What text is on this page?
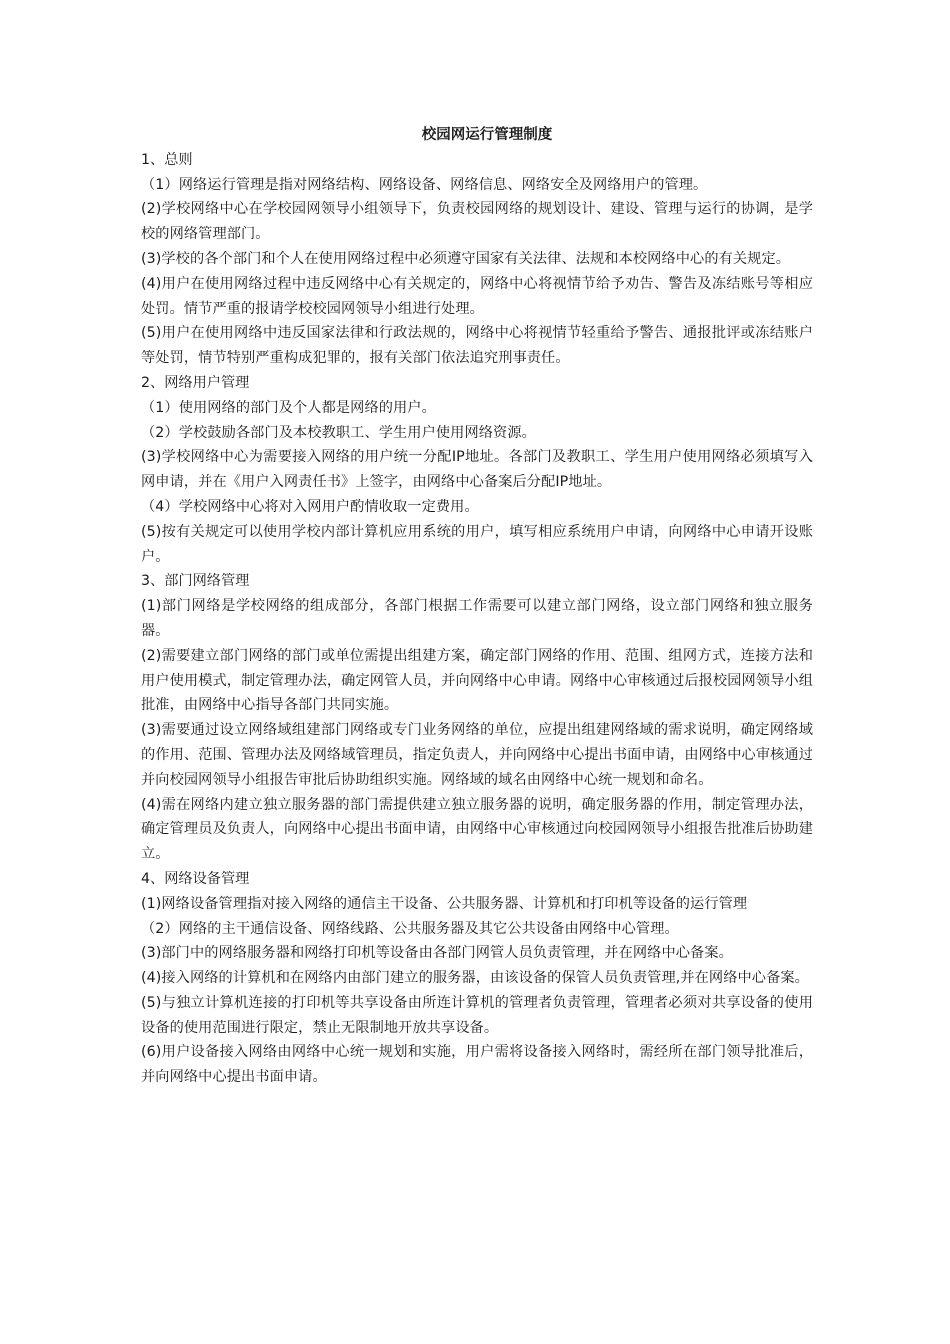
校园网运行管理制度
1、总则

（1）网络运行管理是指对网络结构、网络设备、网络信息、网络安全及网络用户的管理。

(2)学校网络中心在学校园网领导小组领导下，负责校园网络的规划设计、建设、管理与运行的协调，是学校的网络管理部门。

(3)学校的各个部门和个人在使用网络过程中必须遵守国家有关法律、法规和本校网络中心的有关规定。

(4)用户在使用网络过程中违反网络中心有关规定的，网络中心将视情节给予劝告、警告及冻结账号等相应处罚。情节严重的报请学校校园网领导小组进行处理。

(5)用户在使用网络中违反国家法律和行政法规的，网络中心将视情节轻重给予警告、通报批评或冻结账户等处罚，情节特别严重构成犯罪的，报有关部门依法追究刑事责任。

2、网络用户管理

（1）使用网络的部门及个人都是网络的用户。

（2）学校鼓励各部门及本校教职工、学生用户使用网络资源。

(3)学校网络中心为需要接入网络的用户统一分配IP地址。各部门及教职工、学生用户使用网络必须填写入网申请，并在《用户入网责任书》上签字，由网络中心备案后分配IP地址。

（4）学校网络中心将对入网用户酌情收取一定费用。

(5)按有关规定可以使用学校内部计算机应用系统的用户，填写相应系统用户申请，向网络中心申请开设账户。

3、部门网络管理

(1)部门网络是学校网络的组成部分，各部门根据工作需要可以建立部门网络，设立部门网络和独立服务器。

(2)需要建立部门网络的部门或单位需提出组建方案，确定部门网络的作用、范围、组网方式，连接方法和用户使用模式，制定管理办法，确定网管人员，并向网络中心申请。网络中心审核通过后报校园网领导小组批准，由网络中心指导各部门共同实施。

(3)需要通过设立网络域组建部门网络或专门业务网络的单位，应提出组建网络域的需求说明，确定网络域的作用、范围、管理办法及网络域管理员，指定负责人，并向网络中心提出书面申请，由网络中心审核通过并向校园网领导小组报告审批后协助组织实施。网络域的域名由网络中心统一规划和命名。

(4)需在网络内建立独立服务器的部门需提供建立独立服务器的说明，确定服务器的作用，制定管理办法，确定管理员及负责人，向网络中心提出书面申请，由网络中心审核通过向校园网领导小组报告批准后协助建立。

4、网络设备管理

(1)网络设备管理指对接入网络的通信主干设备、公共服务器、计算机和打印机等设备的运行管理

（2）网络的主干通信设备、网络线路、公共服务器及其它公共设备由网络中心管理。

(3)部门中的网络服务器和网络打印机等设备由各部门网管人员负责管理，并在网络中心备案。

(4)接入网络的计算机和在网络内由部门建立的服务器，由该设备的保管人员负责管理,并在网络中心备案。

(5)与独立计算机连接的打印机等共享设备由所连计算机的管理者负责管理，管理者必须对共享设备的使用设备的使用范围进行限定，禁止无限制地开放共享设备。

(6)用户设备接入网络由网络中心统一规划和实施，用户需将设备接入网络时，需经所在部门领导批准后，并向网络中心提出书面申请。
